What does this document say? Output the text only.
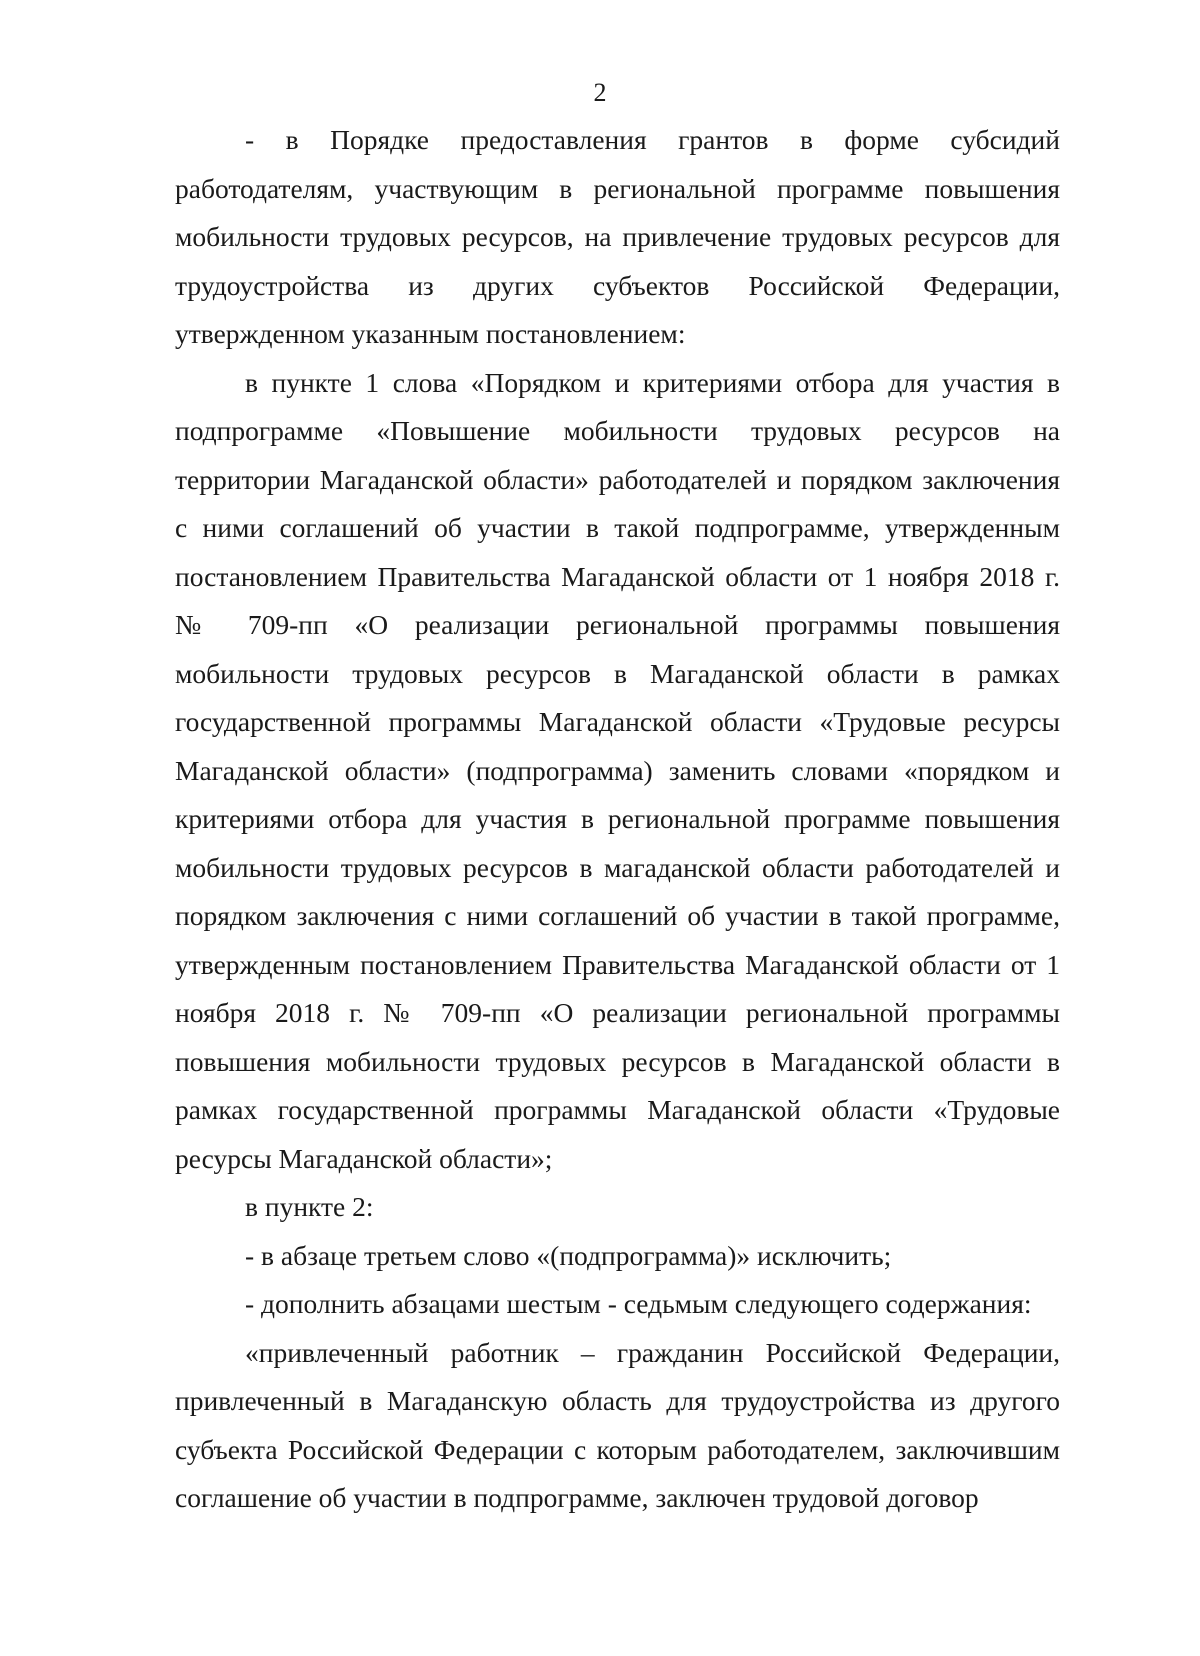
2

- в Порядке предоставления грантов в форме субсидий работодателям, участвующим в региональной программе повышения мобильности трудовых ресурсов, на привлечение трудовых ресурсов для трудоустройства из других субъектов Российской Федерации, утвержденном указанным постановлением:

в пункте 1 слова «Порядком и критериями отбора для участия в подпрограмме «Повышение мобильности трудовых ресурсов на территории Магаданской области» работодателей и порядком заключения с ними соглашений об участии в такой подпрограмме, утвержденным постановлением Правительства Магаданской области от 1 ноября 2018 г. № 709-пп «О реализации региональной программы повышения мобильности трудовых ресурсов в Магаданской области в рамках государственной программы Магаданской области «Трудовые ресурсы Магаданской области» (подпрограмма) заменить словами «порядком и критериями отбора для участия в региональной программе повышения мобильности трудовых ресурсов в магаданской области работодателей и порядком заключения с ними соглашений об участии в такой программе, утвержденным постановлением Правительства Магаданской области от 1 ноября 2018 г. № 709-пп «О реализации региональной программы повышения мобильности трудовых ресурсов в Магаданской области в рамках государственной программы Магаданской области «Трудовые ресурсы Магаданской области»;

в пункте 2:

- в абзаце третьем слово «(подпрограмма)» исключить;

- дополнить абзацами шестым - седьмым следующего содержания:

«привлеченный работник – гражданин Российской Федерации, привлеченный в Магаданскую область для трудоустройства из другого субъекта Российской Федерации с которым работодателем, заключившим соглашение об участии в подпрограмме, заключен трудовой договор
